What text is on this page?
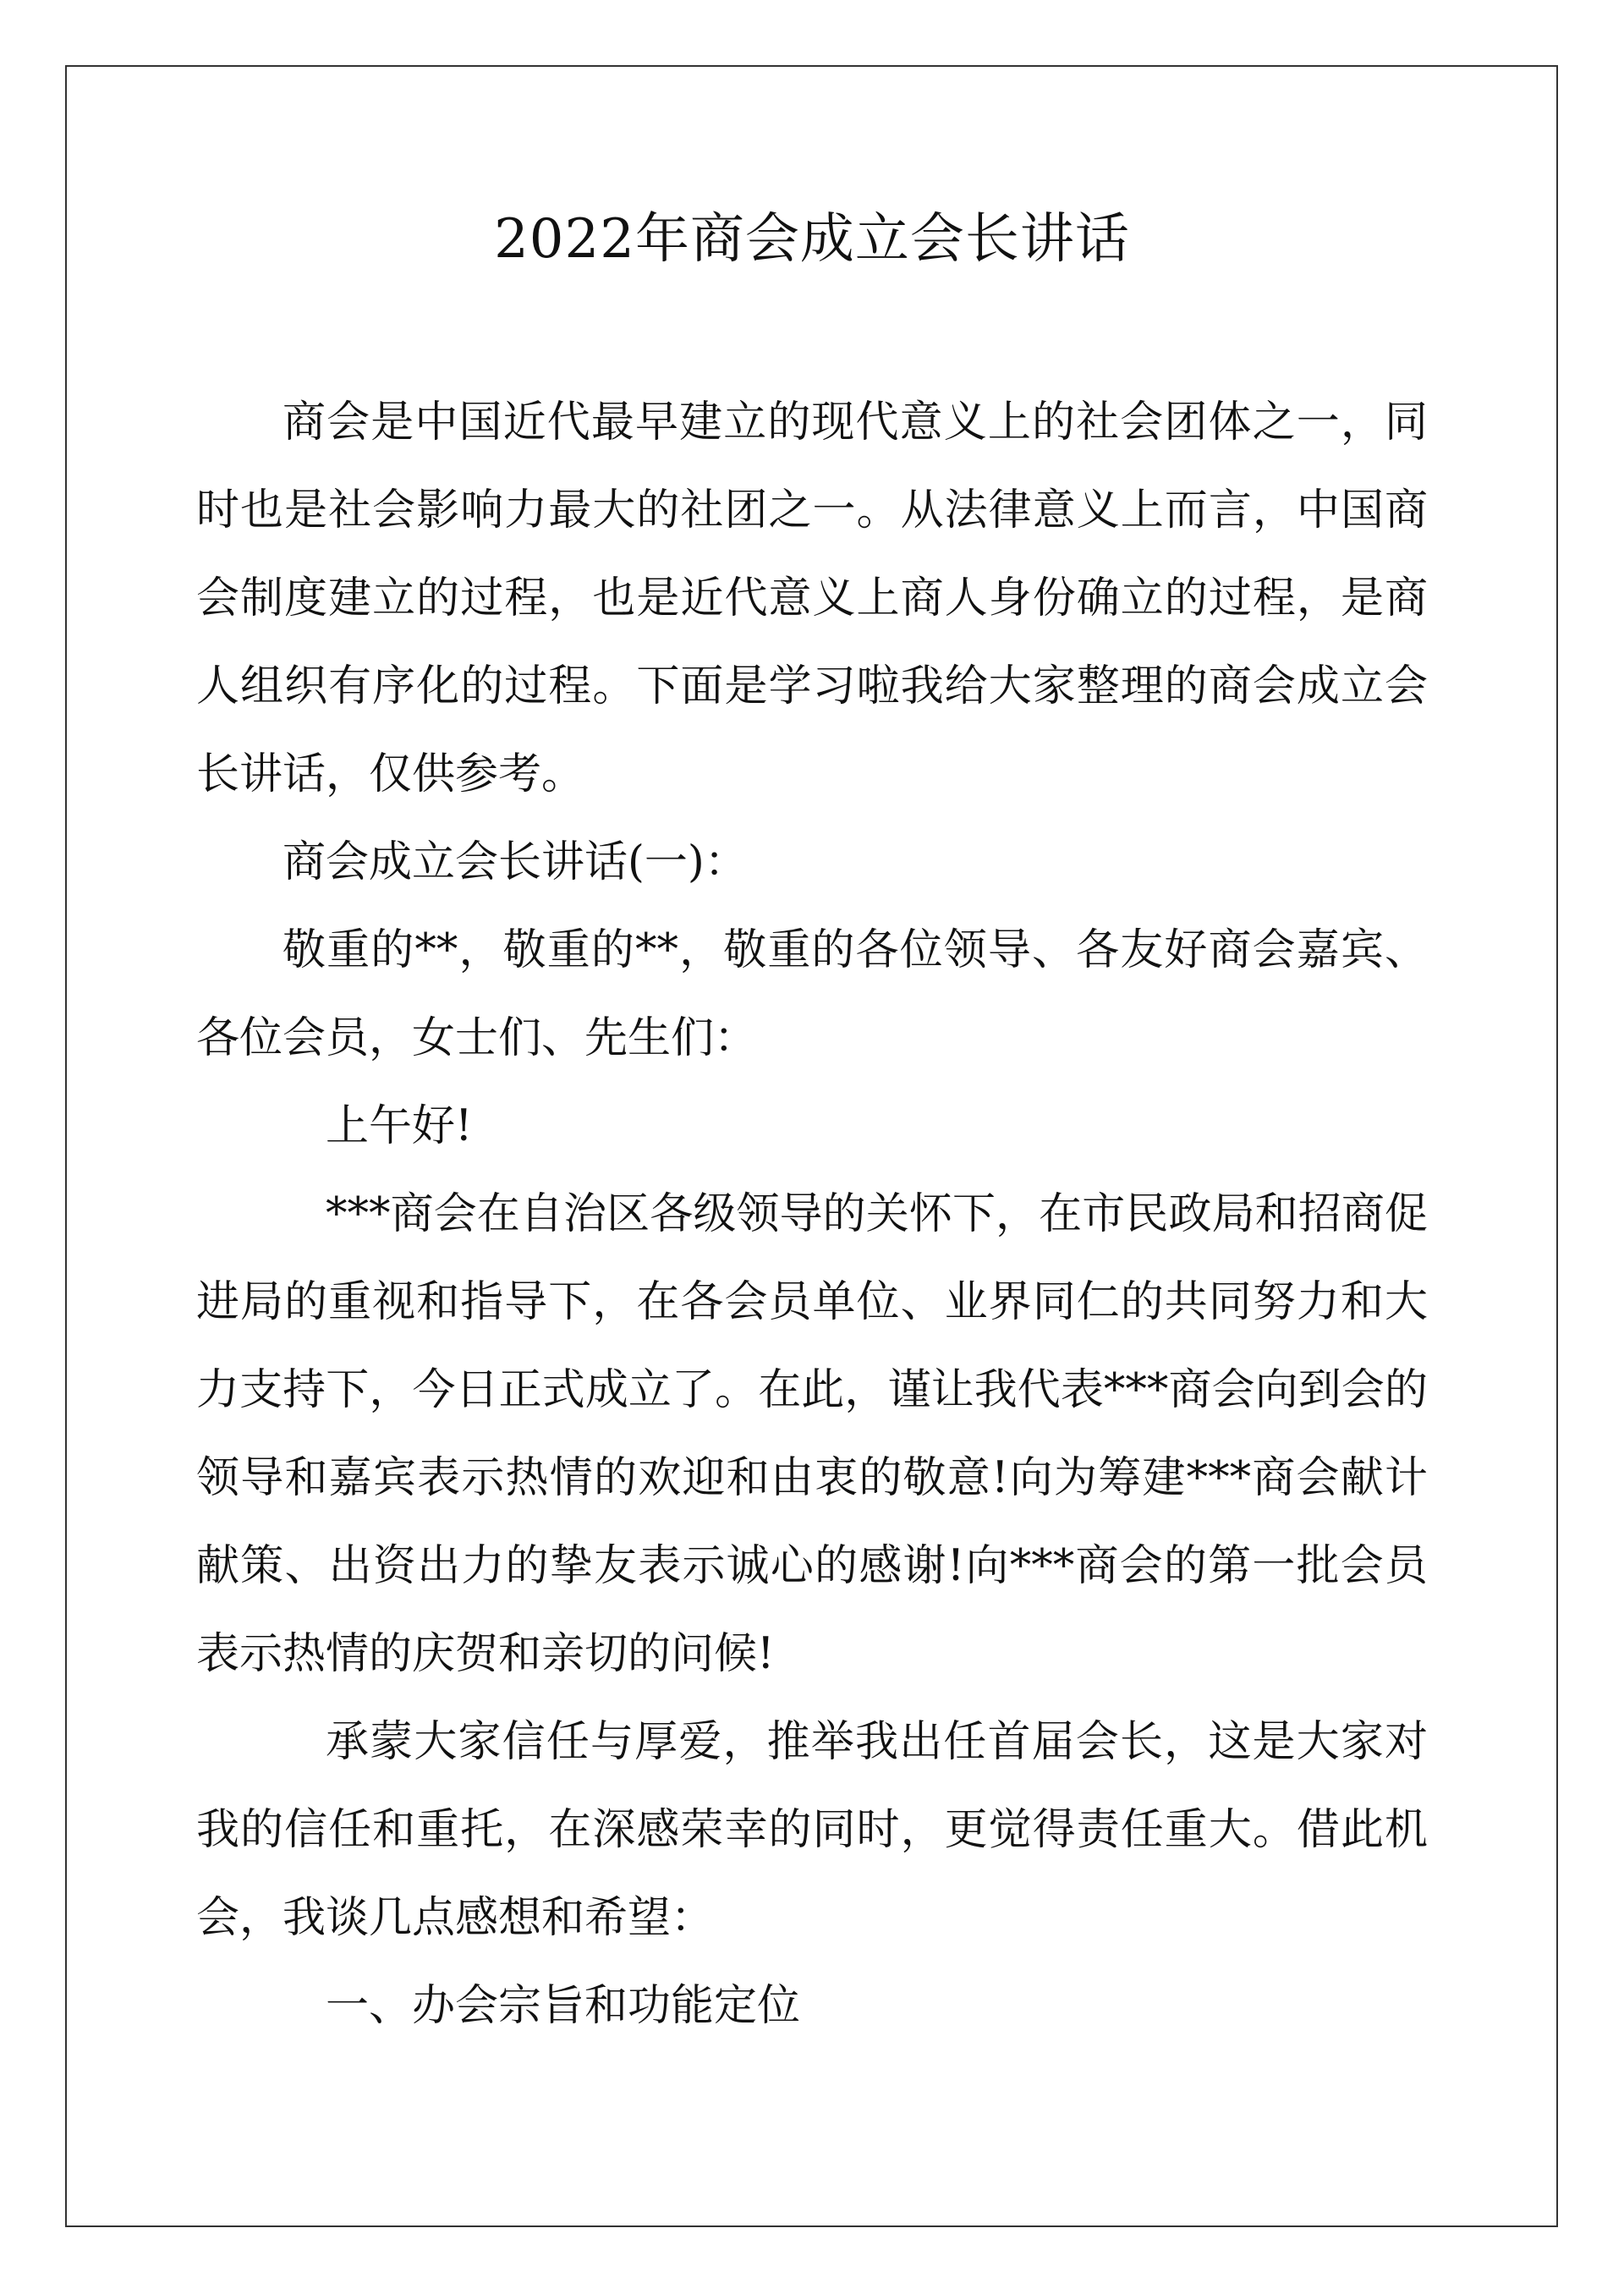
2022年商会成立会长讲话

商会是中国近代最早建立的现代意义上的社会团体之一，同时也是社会影响力最大的社团之一。从法律意义上而言，中国商会制度建立的过程，也是近代意义上商人身份确立的过程，是商人组织有序化的过程。下面是学习啦我给大家整理的商会成立会长讲话，仅供参考。

商会成立会长讲话(一)：

敬重的**，敬重的**，敬重的各位领导、各友好商会嘉宾、各位会员，女士们、先生们：

上午好!

***商会在自治区各级领导的关怀下，在市民政局和招商促进局的重视和指导下，在各会员单位、业界同仁的共同努力和大力支持下，今日正式成立了。在此，谨让我代表***商会向到会的领导和嘉宾表示热情的欢迎和由衷的敬意!向为筹建***商会献计献策、出资出力的挚友表示诚心的感谢!向***商会的第一批会员表示热情的庆贺和亲切的问候!

承蒙大家信任与厚爱，推举我出任首届会长，这是大家对我的信任和重托，在深感荣幸的同时，更觉得责任重大。借此机会，我谈几点感想和希望：

一、办会宗旨和功能定位
